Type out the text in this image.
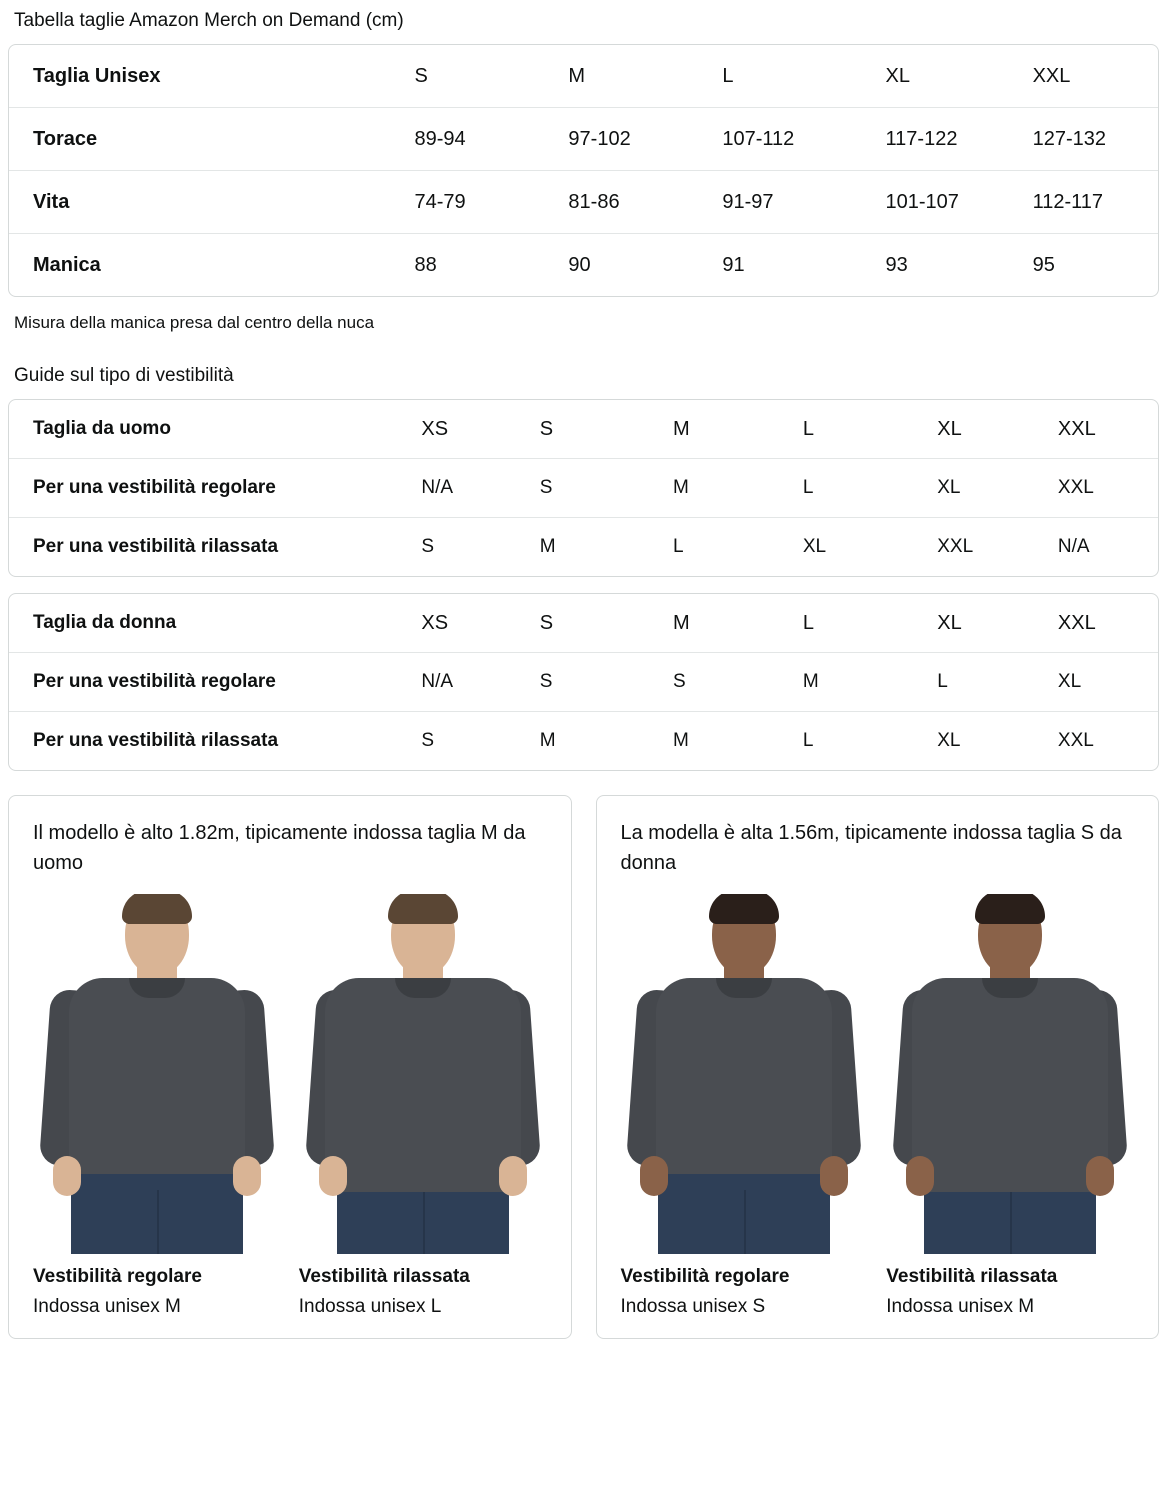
Tabella taglie Amazon Merch on Demand (cm)
Taglia Unisex	S	M	L	XL	XXL
Torace	89-94	97-102	107-112	117-122	127-132
Vita	74-79	81-86	91-97	101-107	112-117
Manica	88	90	91	93	95
Misura della manica presa dal centro della nuca
Guide sul tipo di vestibilità
Taglia da uomo	XS	S	M	L	XL	XXL
Per una vestibilità regolare	N/A	S	M	L	XL	XXL
Per una vestibilità rilassata	S	M	L	XL	XXL	N/A
Taglia da donna	XS	S	M	L	XL	XXL
Per una vestibilità regolare	N/A	S	S	M	L	XL
Per una vestibilità rilassata	S	M	M	L	XL	XXL
Il modello è alto 1.82m, tipicamente indossa taglia M da uomo
Vestibilità regolare
Indossa unisex M
Vestibilità rilassata
Indossa unisex L
La modella è alta 1.56m, tipicamente indossa taglia S da donna
Vestibilità regolare
Indossa unisex S
Vestibilità rilassata
Indossa unisex M
